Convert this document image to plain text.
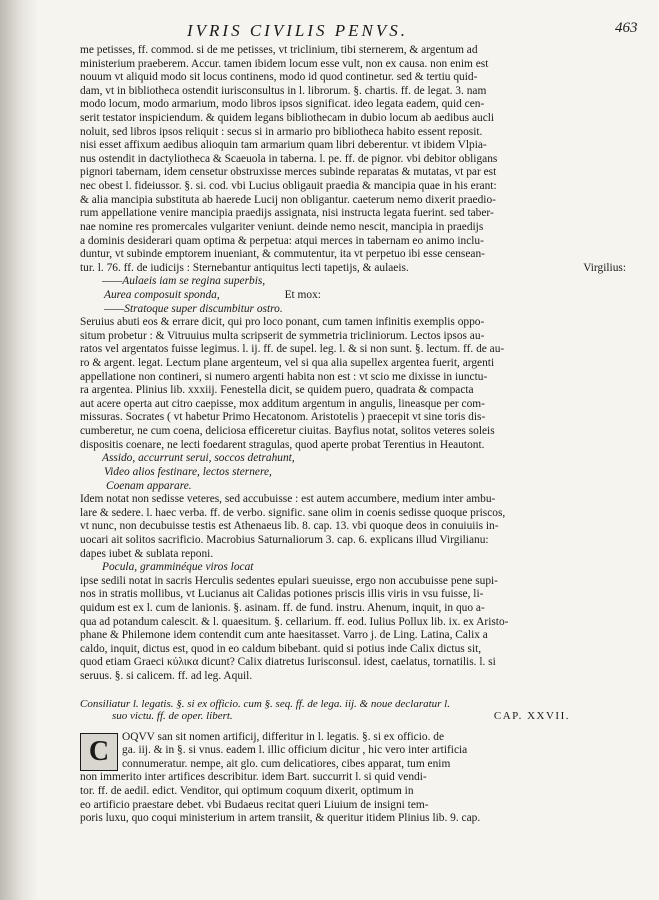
IVRIS CIVILIS PENVS.	463
me petisses, ff. commod. si de me petisses, vt triclinium, tibi sternerem, & argentum ad
ministerium praeberem. Accur. tamen ibidem locum esse vult, non ex causa. non enim est
nouum vt aliquid modo sit locus continens, modo id quod continetur. sed & tertiu quid-
dam, vt in bibliotheca ostendit iurisconsultus in l. librorum. §. chartis. ff. de legat. 3. nam
modo locum, modo armarium, modo libros ipsos significat. ideo legata eadem, quid cen-
serit testator inspiciendum. & quidem legans bibliothecam in dubio locum ab aedibus aucli
noluit, sed libros ipsos reliquit : secus si in armario pro bibliotheca habito essent reposit.
nisi esset affixum aedibus alioquin tam armarium quam libri deberentur. vt ibidem Vlpia-
nus ostendit in dactyliotheca & Scaeuola in taberna. l. pe. ff. de pignor. vbi debitor obligans
pignori tabernam, idem censetur obstruxisse merces subinde reparatas & mutatas, vt par est
nec obest l. fideiussor. §. si. cod. vbi Lucius obligauit praedia & mancipia quae in his erant:
& alia mancipia substituta ab haerede Lucij non obligantur. caeterum nemo dixerit praedio-
rum appellatione venire mancipia praedijs assignata, nisi instructa legata fuerint. sed taber-
nae nomine res promercales vulgariter veniunt. deinde nemo nescit, mancipia in praedijs
a dominis desiderari quam optima & perpetua: atqui merces in tabernam eo animo inclu-
duntur, vt subinde emptorem inueniant, & commutentur, ita vt perpetuo ibi esse censean-
tur. l. 76. ff. de iudicijs : Sternebantur antiquitus lecti tapetijs, & aulaeis.	Virgilius:
——Aulaeis iam se regina superbis,
Aurea composuit sponda,	Et mox:
——Stratoque super discumbitur ostro.
Seruius abuti eos & errare dicit, qui pro loco ponant, cum tamen infinitis exemplis oppo-
situm probetur : & Vitruuius multa scripserit de symmetria tricliniorum. Lectos ipsos au-
ratos vel argentatos fuisse legimus. l. ij. ff. de supel. leg. l. & si non sunt. §. lectum. ff. de au-
ro & argent. legat. Lectum plane argenteum, vel si qua alia supellex argentea fuerit, argenti
appellatione non contineri, si numero argenti habita non est : vt scio me dixisse in iunctu-
ra argentea. Plinius lib. xxxiij. Fenestella dicit, se quidem puero, quadrata & compacta
aut acere operta aut citro caepisse, mox additum argentum in angulis, lineasque per com-
missuras. Socrates ( vt habetur Primo Hecatonom. Aristotelis ) praecepit vt sine toris dis-
cumberetur, ne cum coena, deliciosa efficeretur ciuitas. Bayfius notat, solitos veteres soleis
dispositis coenare, ne lecti foedarent stragulas, quod aperte probat Terentius in Heautont.
Assido, accurrunt serui, soccos detrahunt,
Video alios festinare, lectos sternere,
Coenam apparare.
Idem notat non sedisse veteres, sed accubuisse : est autem accumbere, medium inter ambu-
lare & sedere. l. haec verba. ff. de verbo. signific. sane olim in coenis sedisse quoque priscos,
vt nunc, non decubuisse testis est Athenaeus lib. 8. cap. 13. vbi quoque deos in conuiuiis in-
uocari ait solitos sacrificio. Macrobius Saturnaliorum 3. cap. 6. explicans illud Virgilianu:
dapes iubet & sublata reponi.
Pocula, gramminéque viros locat
ipse sedili notat in sacris Herculis sedentes epulari sueuisse, ergo non accubuisse pene supi-
nos in stratis mollibus, vt Lucianus ait Calidas potiones priscis illis viris in vsu fuisse, li-
quidum est ex l. cum de lanionis. §. asinam. ff. de fund. instru. Ahenum, inquit, in quo a-
qua ad potandum calescit. & l. quaesitum. §. cellarium. ff. eod. Iulius Pollux lib. ix. ex Aristo-
phane & Philemone idem contendit cum ante haesitasset. Varro j. de Ling. Latina, Calix a
caldo, inquit, dictus est, quod in eo caldum bibebant. quid si potius inde Calix dictus sit,
quod etiam Graeci κύλικα dicunt? Calix diatretus Iurisconsul. idest, caelatus, tornatilis. l. si
seruus. §. si calicem. ff. ad leg. Aquil.
Consiliatur l. legatis. §. si ex officio. cum §. seq. ff. de lega. iij. & noue declaratur l.
suo victu. ff. de oper. libert.	CAP. XXVII.
C	OQVV san sit nomen artificij, differitur in l. legatis. §. si ex officio. de
ga. iij. & in §. si vnus. eadem l. illic officium dicitur , hic vero inter artificia
connumeratur. nempe, ait glo. cum delicatiores, cibes apparat, tum enim
non immerito inter artifices describitur. idem Bart. succurrit l. si quid vendi-
tor. ff. de aedil. edict. Venditor, qui optimum coquum dixerit, optimum in
eo artificio praestare debet. vbi Budaeus recitat queri Liuium de insigni tem-
poris luxu, quo coqui ministerium in artem transiit, & queritur itidem Plinius lib. 9. cap.
